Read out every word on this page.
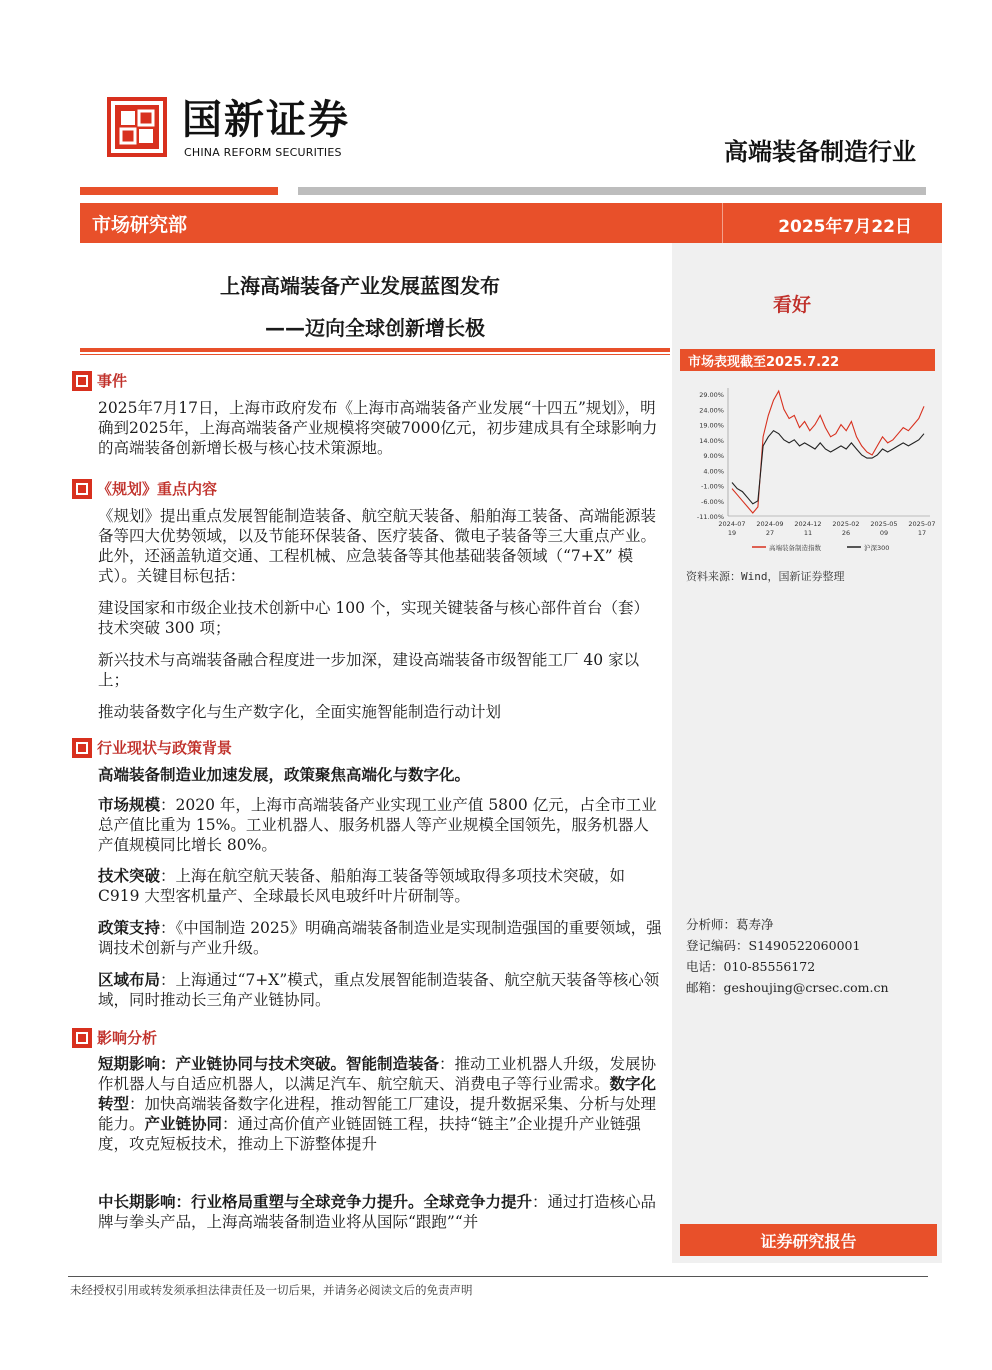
国新证券
CHINA REFORM SECURITIES	高端装备制造行业
市场研究部	2025年7月22日
看好
市场表现截至2025.7.22
29.00%
24.00%
19.00%
14.00%
9.00%
4.00%
-1.00%
-6.00%
-11.00%
2024-07
19
2024-09
27
2024-12
11
2025-02
26
2025-05
09
2025-07
17
高端装备制造指数	沪深300
资料来源：Wind，国新证券整理
分析师：葛寿净
登记编码：S1490522060001
电话：010-85556172
邮箱：geshoujing@crsec.com.cn
证券研究报告
上海高端装备产业发展蓝图发布
——迈向全球创新增长极
事件
2025年7月17日，上海市政府发布《上海市高端装备产业发展“十四五”规划》，明确到2025年，上海高端装备产业规模将突破7000亿元，初步建成具有全球影响力的高端装备创新增长极与核心技术策源地。
《规划》重点内容
《规划》提出重点发展智能制造装备、航空航天装备、船舶海工装备、高端能源装备等四大优势领域，以及节能环保装备、医疗装备、微电子装备等三大重点产业。此外，还涵盖轨道交通、工程机械、应急装备等其他基础装备领域（“7+X” 模式）。关键目标包括：
建设国家和市级企业技术创新中心 100 个，实现关键装备与核心部件首台（套）技术突破 300 项；
新兴技术与高端装备融合程度进一步加深，建设高端装备市级智能工厂 40 家以上；
推动装备数字化与生产数字化，全面实施智能制造行动计划
行业现状与政策背景
高端装备制造业加速发展，政策聚焦高端化与数字化。
市场规模：2020 年，上海市高端装备产业实现工业产值 5800 亿元，占全市工业总产值比重为 15%。工业机器人、服务机器人等产业规模全国领先，服务机器人产值规模同比增长 80%。
技术突破：上海在航空航天装备、船舶海工装备等领域取得多项技术突破，如 C919 大型客机量产、全球最长风电玻纤叶片研制等。
政策支持：《中国制造 2025》明确高端装备制造业是实现制造强国的重要领域，强调技术创新与产业升级。
区域布局：上海通过“7+X”模式，重点发展智能制造装备、航空航天装备等核心领域，同时推动长三角产业链协同。
影响分析
短期影响：产业链协同与技术突破。智能制造装备：推动工业机器人升级，发展协作机器人与自适应机器人，以满足汽车、航空航天、消费电子等行业需求。数字化转型：加快高端装备数字化进程，推动智能工厂建设，提升数据采集、分析与处理能力。产业链协同：通过高价值产业链固链工程，扶持“链主”企业提升产业链强度，攻克短板技术，推动上下游整体提升
中长期影响：行业格局重塑与全球竞争力提升。全球竞争力提升：通过打造核心品牌与拳头产品，上海高端装备制造业将从国际“跟跑”“并
未经授权引用或转发须承担法律责任及一切后果，并请务必阅读文后的免责声明
